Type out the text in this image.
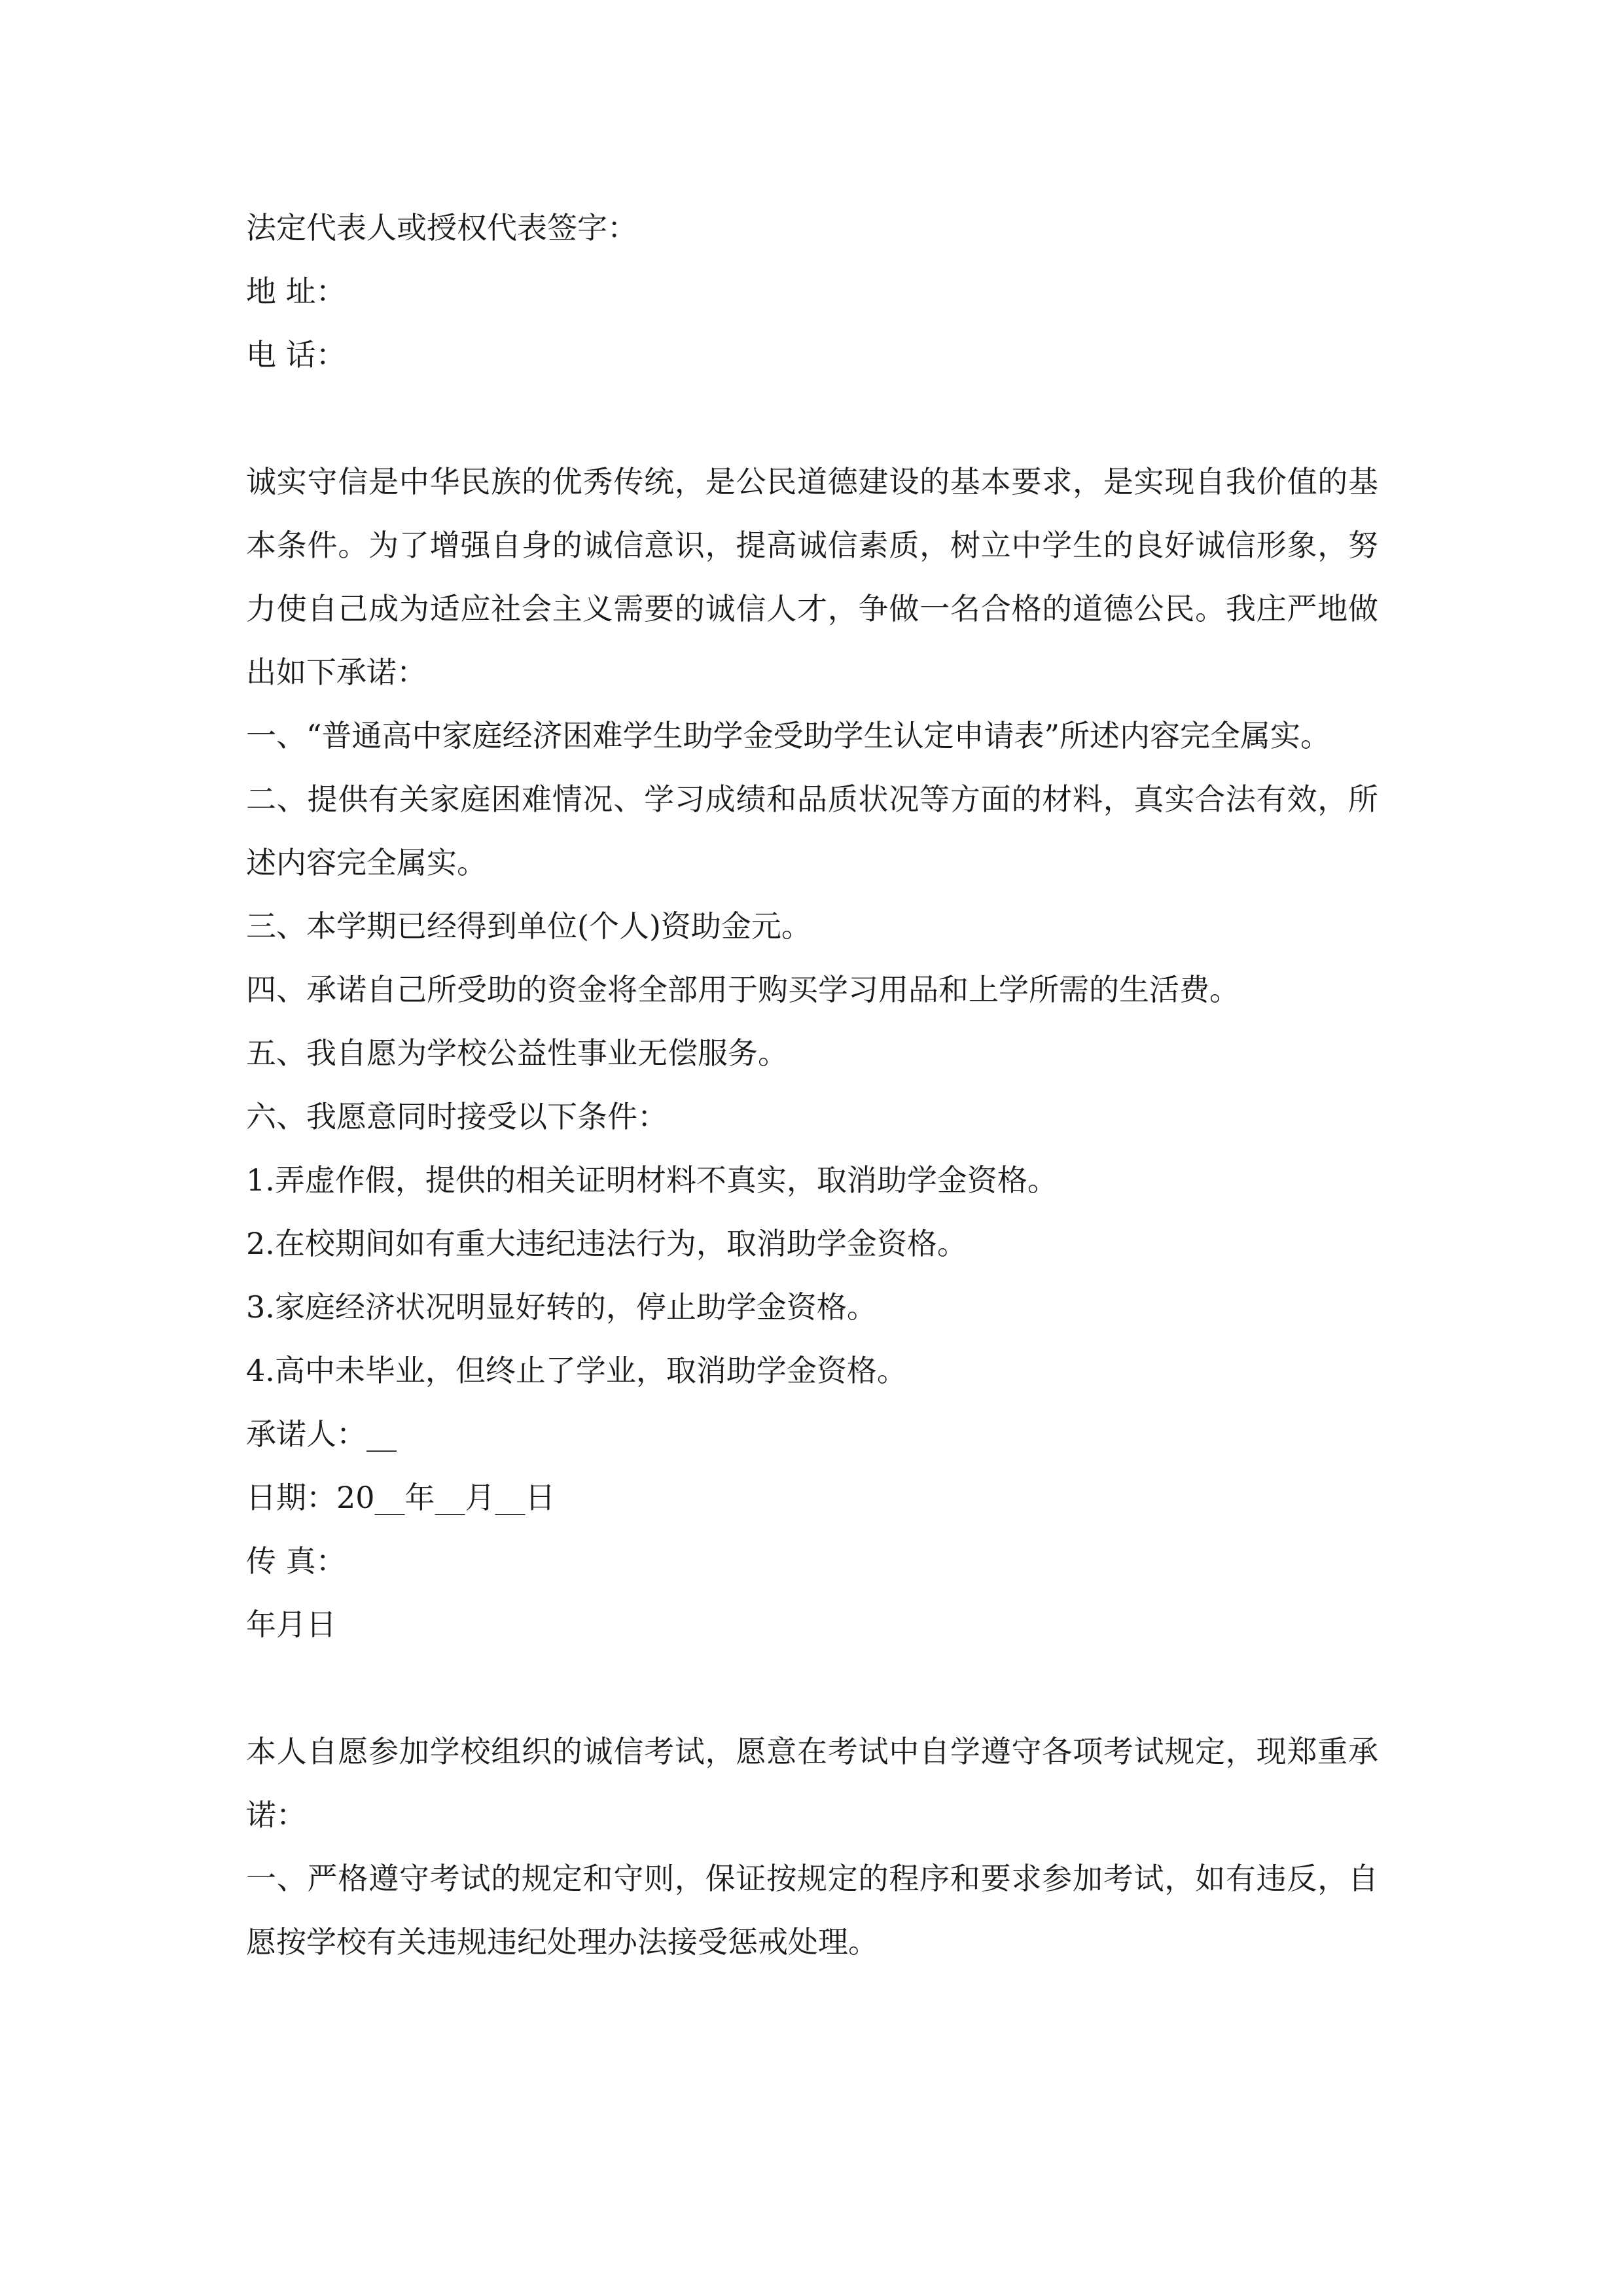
法定代表人或授权代表签字：
地 址：
电 话：

诚实守信是中华民族的优秀传统，是公民道德建设的基本要求，是实现自我价值的基本条件。为了增强自身的诚信意识，提高诚信素质，树立中学生的良好诚信形象，努力使自己成为适应社会主义需要的诚信人才，争做一名合格的道德公民。我庄严地做出如下承诺：

一、“普通高中家庭经济困难学生助学金受助学生认定申请表”所述内容完全属实。

二、提供有关家庭困难情况、学习成绩和品质状况等方面的材料，真实合法有效，所述内容完全属实。

三、本学期已经得到单位(个人)资助金元。
四、承诺自己所受助的资金将全部用于购买学习用品和上学所需的生活费。
五、我自愿为学校公益性事业无偿服务。
六、我愿意同时接受以下条件：
1.弄虚作假，提供的相关证明材料不真实，取消助学金资格。
2.在校期间如有重大违纪违法行为，取消助学金资格。
3.家庭经济状况明显好转的，停止助学金资格。
4.高中未毕业，但终止了学业，取消助学金资格。
承诺人：__
日期：20__年__月__日
传 真：
年月日

本人自愿参加学校组织的诚信考试，愿意在考试中自学遵守各项考试规定，现郑重承诺：

一、严格遵守考试的规定和守则，保证按规定的程序和要求参加考试，如有违反，自愿按学校有关违规违纪处理办法接受惩戒处理。
